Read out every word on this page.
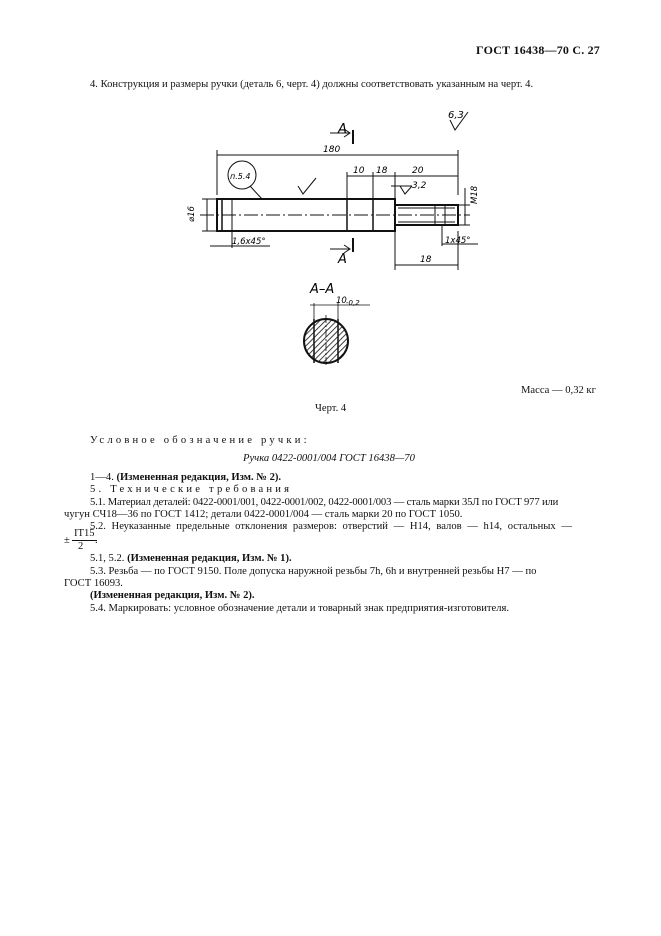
ГОСТ 16438—70 С. 27
4. Конструкция и размеры ручки (деталь 6, черт. 4) должны соответствовать указанным на черт. 4.
А
А
6,3
180
10 18	20
п.5.4
3,2	М18
⌀16
1,6x45°	1x45°
18
А–А
10 -0,2
Масса — 0,32 кг
Черт. 4
Условное обозначение ручки:
Ручка 0422-0001/004 ГОСТ 16438—70
1—4. (Измененная редакция, Изм. № 2).
5. Технические требования
5.1. Материал деталей: 0422-0001/001, 0422-0001/002, 0422-0001/003 — сталь марки 35Л по ГОСТ 977 или
чугун СЧ18—36 по ГОСТ 1412; детали 0422-0001/004 — сталь марки 20 по ГОСТ 1050.
5.2. Неуказанные предельные отклонения размеров: отверстий — H14, валов — h14, остальных —
±
IT15
2
.
5.1, 5.2. (Измененная редакция, Изм. № 1).
5.3. Резьба — по ГОСТ 9150. Поле допуска наружной резьбы 7h, 6h и внутренней резьбы H7 — по
ГОСТ 16093.
(Измененная редакция, Изм. № 2).
5.4. Маркировать: условное обозначение детали и товарный знак предприятия-изготовителя.
